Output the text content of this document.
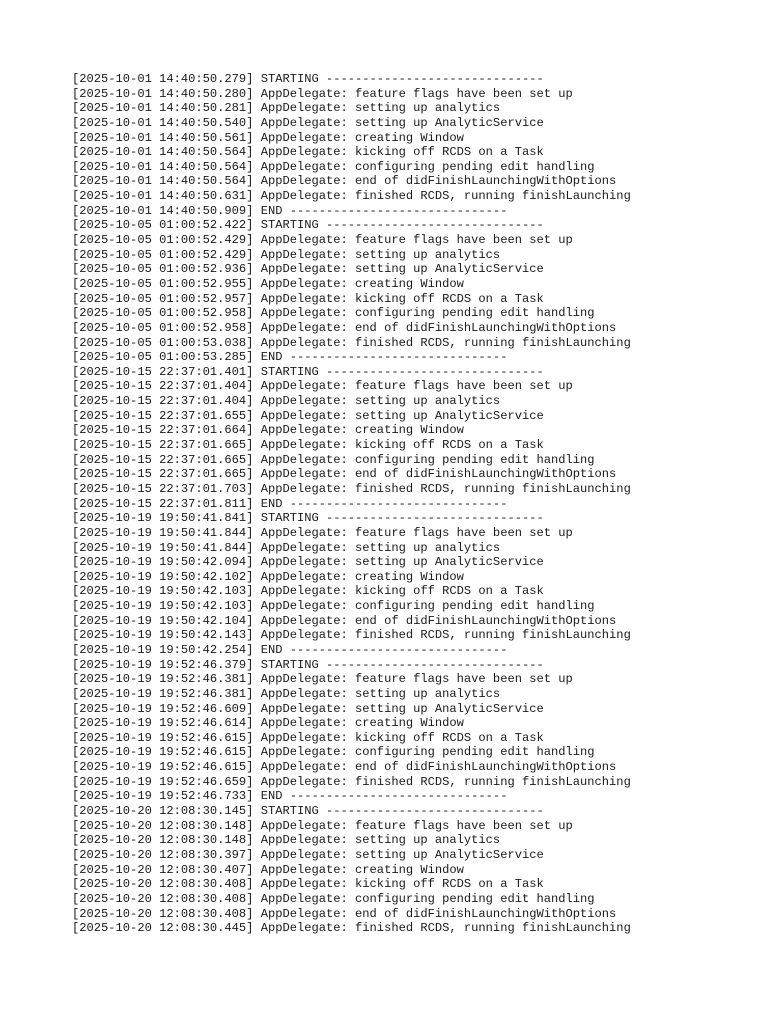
[2025-10-01 14:40:50.279] STARTING ------------------------------
[2025-10-01 14:40:50.280] AppDelegate: feature flags have been set up
[2025-10-01 14:40:50.281] AppDelegate: setting up analytics
[2025-10-01 14:40:50.540] AppDelegate: setting up AnalyticService
[2025-10-01 14:40:50.561] AppDelegate: creating Window
[2025-10-01 14:40:50.564] AppDelegate: kicking off RCDS on a Task
[2025-10-01 14:40:50.564] AppDelegate: configuring pending edit handling
[2025-10-01 14:40:50.564] AppDelegate: end of didFinishLaunchingWithOptions
[2025-10-01 14:40:50.631] AppDelegate: finished RCDS, running finishLaunching
[2025-10-01 14:40:50.909] END ------------------------------
[2025-10-05 01:00:52.422] STARTING ------------------------------
[2025-10-05 01:00:52.429] AppDelegate: feature flags have been set up
[2025-10-05 01:00:52.429] AppDelegate: setting up analytics
[2025-10-05 01:00:52.936] AppDelegate: setting up AnalyticService
[2025-10-05 01:00:52.955] AppDelegate: creating Window
[2025-10-05 01:00:52.957] AppDelegate: kicking off RCDS on a Task
[2025-10-05 01:00:52.958] AppDelegate: configuring pending edit handling
[2025-10-05 01:00:52.958] AppDelegate: end of didFinishLaunchingWithOptions
[2025-10-05 01:00:53.038] AppDelegate: finished RCDS, running finishLaunching
[2025-10-05 01:00:53.285] END ------------------------------
[2025-10-15 22:37:01.401] STARTING ------------------------------
[2025-10-15 22:37:01.404] AppDelegate: feature flags have been set up
[2025-10-15 22:37:01.404] AppDelegate: setting up analytics
[2025-10-15 22:37:01.655] AppDelegate: setting up AnalyticService
[2025-10-15 22:37:01.664] AppDelegate: creating Window
[2025-10-15 22:37:01.665] AppDelegate: kicking off RCDS on a Task
[2025-10-15 22:37:01.665] AppDelegate: configuring pending edit handling
[2025-10-15 22:37:01.665] AppDelegate: end of didFinishLaunchingWithOptions
[2025-10-15 22:37:01.703] AppDelegate: finished RCDS, running finishLaunching
[2025-10-15 22:37:01.811] END ------------------------------
[2025-10-19 19:50:41.841] STARTING ------------------------------
[2025-10-19 19:50:41.844] AppDelegate: feature flags have been set up
[2025-10-19 19:50:41.844] AppDelegate: setting up analytics
[2025-10-19 19:50:42.094] AppDelegate: setting up AnalyticService
[2025-10-19 19:50:42.102] AppDelegate: creating Window
[2025-10-19 19:50:42.103] AppDelegate: kicking off RCDS on a Task
[2025-10-19 19:50:42.103] AppDelegate: configuring pending edit handling
[2025-10-19 19:50:42.104] AppDelegate: end of didFinishLaunchingWithOptions
[2025-10-19 19:50:42.143] AppDelegate: finished RCDS, running finishLaunching
[2025-10-19 19:50:42.254] END ------------------------------
[2025-10-19 19:52:46.379] STARTING ------------------------------
[2025-10-19 19:52:46.381] AppDelegate: feature flags have been set up
[2025-10-19 19:52:46.381] AppDelegate: setting up analytics
[2025-10-19 19:52:46.609] AppDelegate: setting up AnalyticService
[2025-10-19 19:52:46.614] AppDelegate: creating Window
[2025-10-19 19:52:46.615] AppDelegate: kicking off RCDS on a Task
[2025-10-19 19:52:46.615] AppDelegate: configuring pending edit handling
[2025-10-19 19:52:46.615] AppDelegate: end of didFinishLaunchingWithOptions
[2025-10-19 19:52:46.659] AppDelegate: finished RCDS, running finishLaunching
[2025-10-19 19:52:46.733] END ------------------------------
[2025-10-20 12:08:30.145] STARTING ------------------------------
[2025-10-20 12:08:30.148] AppDelegate: feature flags have been set up
[2025-10-20 12:08:30.148] AppDelegate: setting up analytics
[2025-10-20 12:08:30.397] AppDelegate: setting up AnalyticService
[2025-10-20 12:08:30.407] AppDelegate: creating Window
[2025-10-20 12:08:30.408] AppDelegate: kicking off RCDS on a Task
[2025-10-20 12:08:30.408] AppDelegate: configuring pending edit handling
[2025-10-20 12:08:30.408] AppDelegate: end of didFinishLaunchingWithOptions
[2025-10-20 12:08:30.445] AppDelegate: finished RCDS, running finishLaunching
